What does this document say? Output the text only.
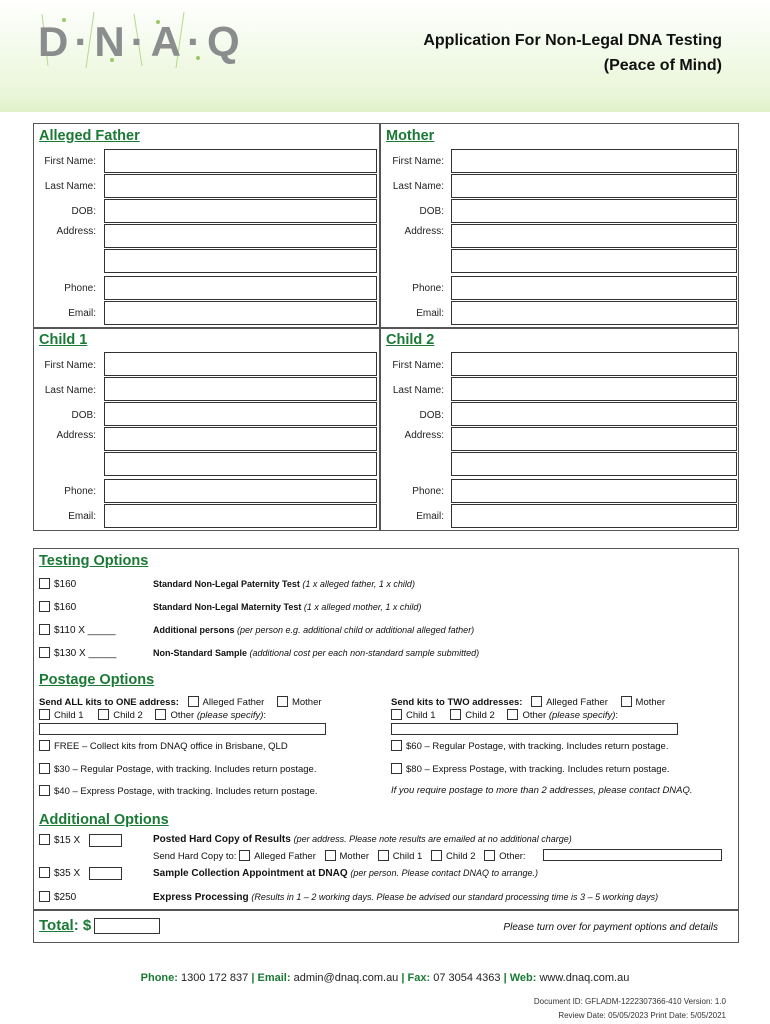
D·N·A·Q	Application For Non-Legal DNA Testing
(Peace of Mind)
Alleged Father
First Name:
Last Name:
DOB:
Address:
Phone:
Email:
Mother
First Name:
Last Name:
DOB:
Address:
Phone:
Email:
Child 1
First Name:
Last Name:
DOB:
Address:
Phone:
Email:
Child 2
First Name:
Last Name:
DOB:
Address:
Phone:
Email:
Testing Options
$160	Standard Non-Legal Paternity Test (1 x alleged father, 1 x child)
$160	Standard Non-Legal Maternity Test (1 x alleged mother, 1 x child)
$110 X _____	Additional persons (per person e.g. additional child or additional alleged father)
$130 X _____	Non-Standard Sample (additional cost per each non-standard sample submitted)
Postage Options
Send ALL kits to ONE address: Alleged Father	Mother
Child 1	Child 2	Other (please specify):
Send kits to TWO addresses: Alleged Father	Mother
Child 1	Child 2	Other (please specify):
FREE – Collect kits from DNAQ office in Brisbane, QLD
$30 – Regular Postage, with tracking. Includes return postage.
$40 – Express Postage, with tracking. Includes return postage.
$60 – Regular Postage, with tracking. Includes return postage.
$80 – Express Postage, with tracking. Includes return postage.
If you require postage to more than 2 addresses, please contact DNAQ.
Additional Options
$15 X	Posted Hard Copy of Results (per address. Please note results are emailed at no additional charge)
Send Hard Copy to: Alleged Father Mother Child 1 Child 2 Other:
$35 X	Sample Collection Appointment at DNAQ (per person. Please contact DNAQ to arrange.)
$250	Express Processing (Results in 1 – 2 working days. Please be advised our standard processing time is 3 – 5 working days)
Total: $	Please turn over for payment options and details
Phone: 1300 172 837 | Email: admin@dnaq.com.au | Fax: 07 3054 4363 | Web: www.dnaq.com.au
Document ID: GFLADM-1222307366-410 Version: 1.0
Review Date: 05/05/2023 Print Date: 5/05/2021
